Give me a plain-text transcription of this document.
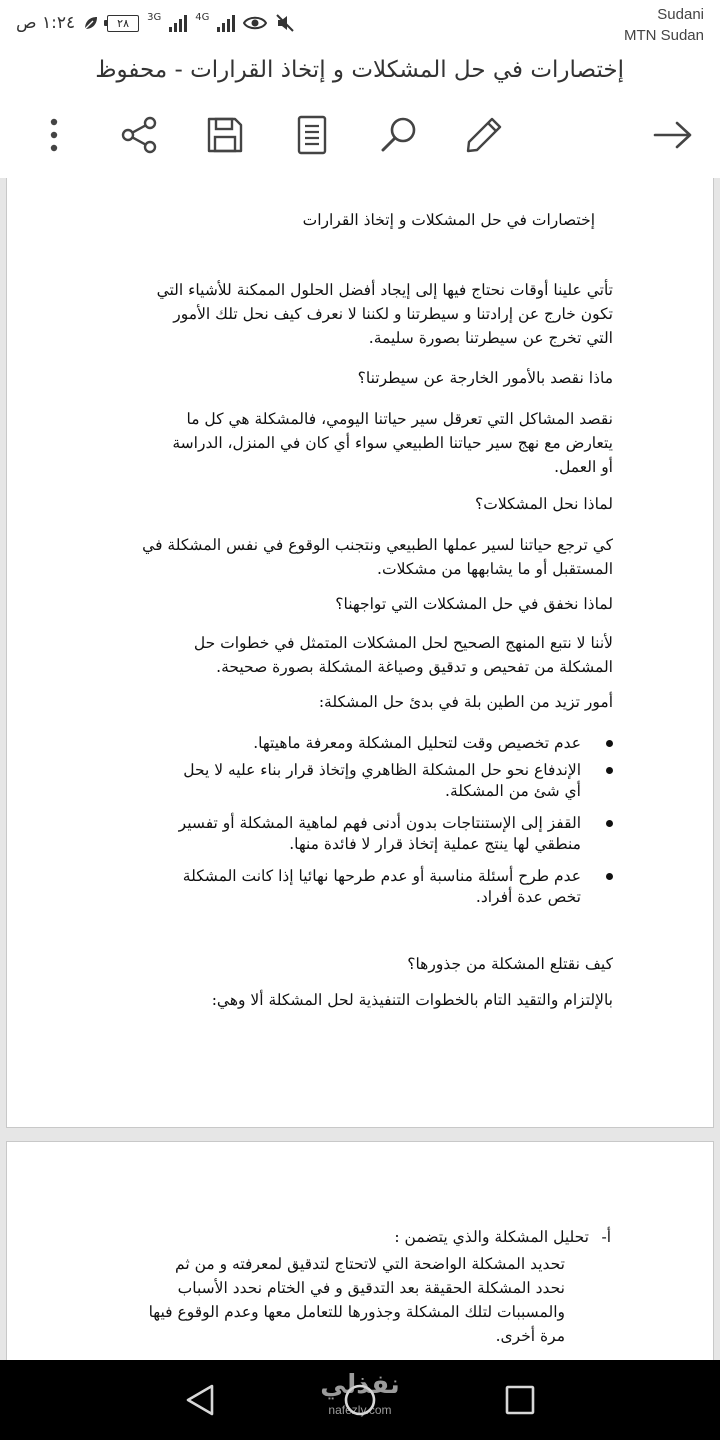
١:٢٤ ص	٢٨ 3G	4G	Sudani
MTN Sudan
إختصارات في حل المشكلات و إتخاذ القرارات - محفوظ
إختصارات في حل المشكلات و إتخاذ القرارات
تأتي علينا أوقات نحتاج فيها إلى إيجاد أفضل الحلول الممكنة للأشياء التي
تكون خارج عن إرادتنا و سيطرتنا و لكننا لا نعرف كيف نحل تلك الأمور
التي تخرج عن سيطرتنا بصورة سليمة.
ماذا نقصد بالأمور الخارجة عن سيطرتنا؟
نقصد المشاكل التي تعرقل سير حياتنا اليومي، فالمشكلة هي كل ما
يتعارض مع نهج سير حياتنا الطبيعي سواء أي كان في المنزل، الدراسة
أو العمل.
لماذا نحل المشكلات؟
كي ترجع حياتنا لسير عملها الطبيعي ونتجنب الوقوع في نفس المشكلة في
المستقبل أو ما يشابهها من مشكلات.
لماذا نخفق في حل المشكلات التي تواجهنا؟
لأننا لا نتبع المنهج الصحيح لحل المشكلات المتمثل في خطوات حل
المشكلة من تفحيص و تدقيق وصياغة المشكلة بصورة صحيحة.
أمور تزيد من الطين بلة في بدئ حل المشكلة:
عدم تخصيص وقت لتحليل المشكلة ومعرفة ماهيتها.
الإندفاع نحو حل المشكلة الظاهري وإتخاذ قرار بناء عليه لا يحل
أي شئ من المشكلة.
القفز إلى الإستنتاجات بدون أدنى فهم لماهية المشكلة أو تفسير
منطقي لها ينتج عملية إتخاذ قرار لا فائدة منها.
عدم طرح أسئلة مناسبة أو عدم طرحها نهائيا إذا كانت المشكلة
تخص عدة أفراد.
كيف نقتلع المشكلة من جذورها؟
بالإلتزام والتقيد التام بالخطوات التنفيذية لحل المشكلة ألا وهي:
أ-
تحليل المشكلة والذي يتضمن :
تحديد المشكلة الواضحة التي لاتحتاج لتدقيق لمعرفته و من ثم
نحدد المشكلة الحقيقة بعد التدقيق و في الختام نحدد الأسباب
والمسببات لتلك المشكلة وجذورها للتعامل معها وعدم الوقوع فيها
مرة أخرى.
نفذلي
nafezly.com
